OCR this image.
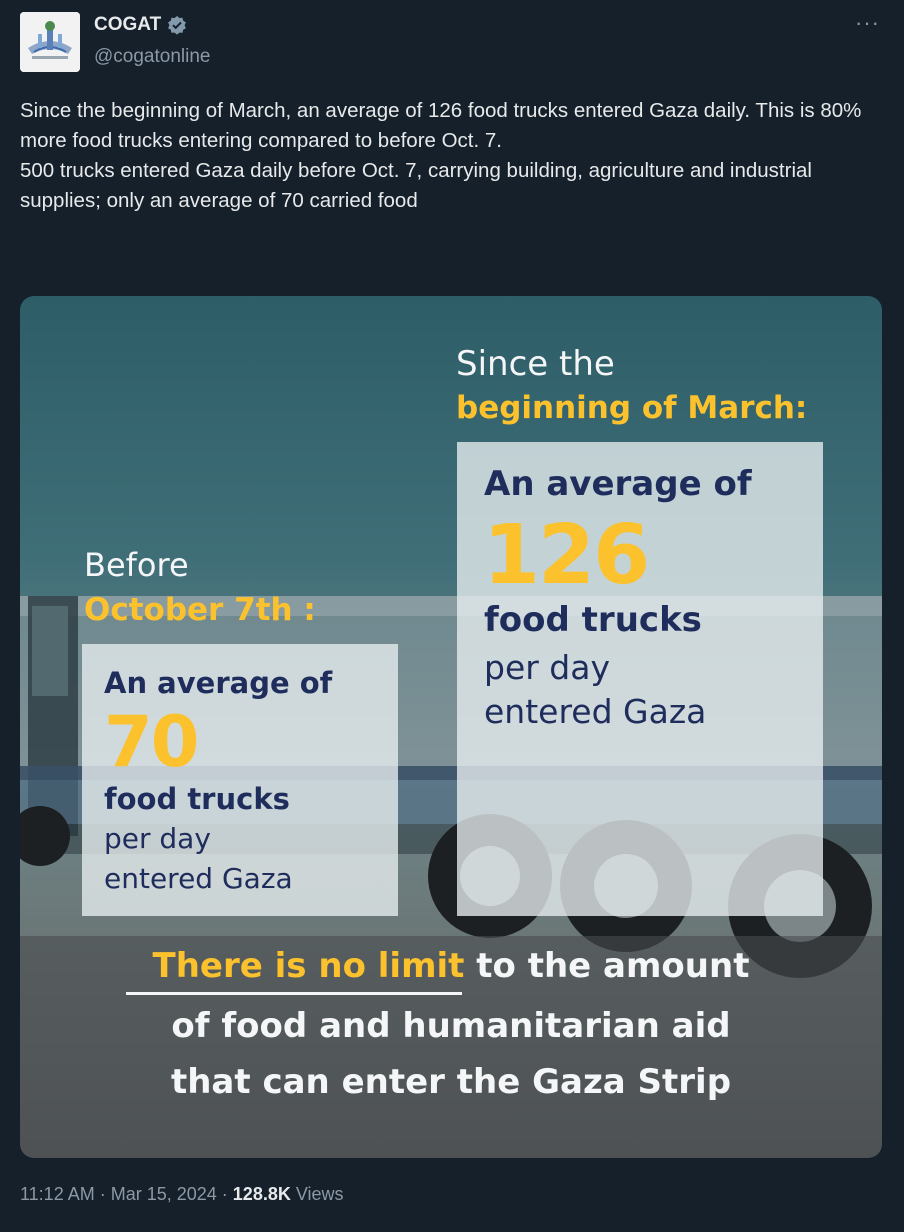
COGAT
@cogatonline
···

Since the beginning of March, an average of 126 food trucks entered Gaza daily. This is 80% more food trucks entering compared to before Oct. 7.

500 trucks entered Gaza daily before Oct. 7, carrying building, agriculture and industrial supplies; only an average of 70 carried food

Since the
beginning of March:
An average of
126
food trucks
per day
entered Gaza
Before
October 7th :
An average of
70
food trucks
per day
entered Gaza
There is no limit to the amount
of food and humanitarian aid
that can enter the Gaza Strip
11:12 AM · Mar 15, 2024 · 128.8K Views
